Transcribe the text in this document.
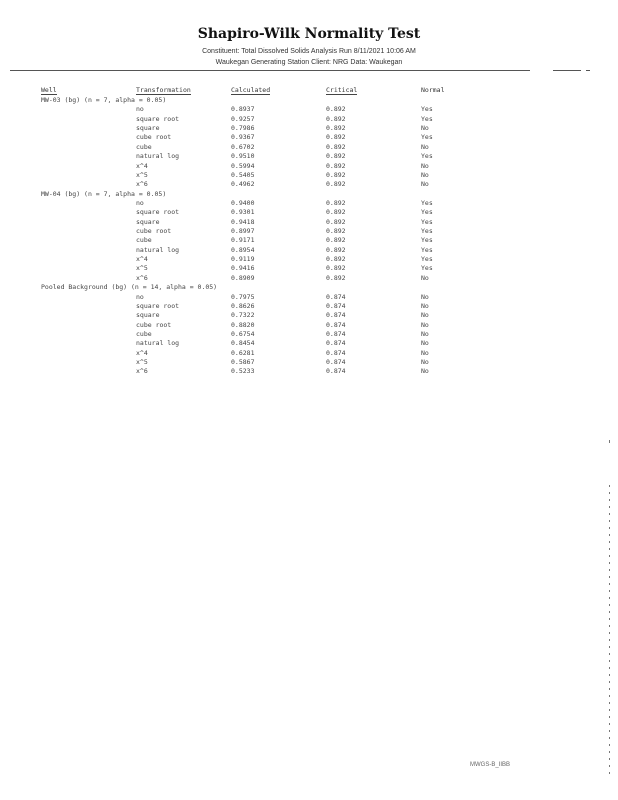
Shapiro-Wilk Normality Test
Constituent: Total Dissolved Solids Analysis Run 8/11/2021 10:06 AM
Waukegan Generating Station Client: NRG Data: Waukegan
Well	Transformation	Calculated	Critical	Normal
MW-03 (bg) (n = 7, alpha = 0.05)
no	0.8937	0.892	Yes
square root	0.9257	0.892	Yes
square	0.7986	0.892	No
cube root	0.9367	0.892	Yes
cube	0.6702	0.892	No
natural log	0.9510	0.892	Yes
x^4	0.5994	0.892	No
x^5	0.5405	0.892	No
x^6	0.4962	0.892	No
MW-04 (bg) (n = 7, alpha = 0.05)
no	0.9400	0.892	Yes
square root	0.9301	0.892	Yes
square	0.9418	0.892	Yes
cube root	0.8997	0.892	Yes
cube	0.9171	0.892	Yes
natural log	0.8954	0.892	Yes
x^4	0.9119	0.892	Yes
x^5	0.9416	0.892	Yes
x^6	0.8909	0.892	No
Pooled Background (bg) (n = 14, alpha = 0.05)
no	0.7975	0.874	No
square root	0.8626	0.874	No
square	0.7322	0.874	No
cube root	0.8820	0.874	No
cube	0.6754	0.874	No
natural log	0.8454	0.874	No
x^4	0.6281	0.874	No
x^5	0.5867	0.874	No
x^6	0.5233	0.874	No
MWGS-B_IIBB
